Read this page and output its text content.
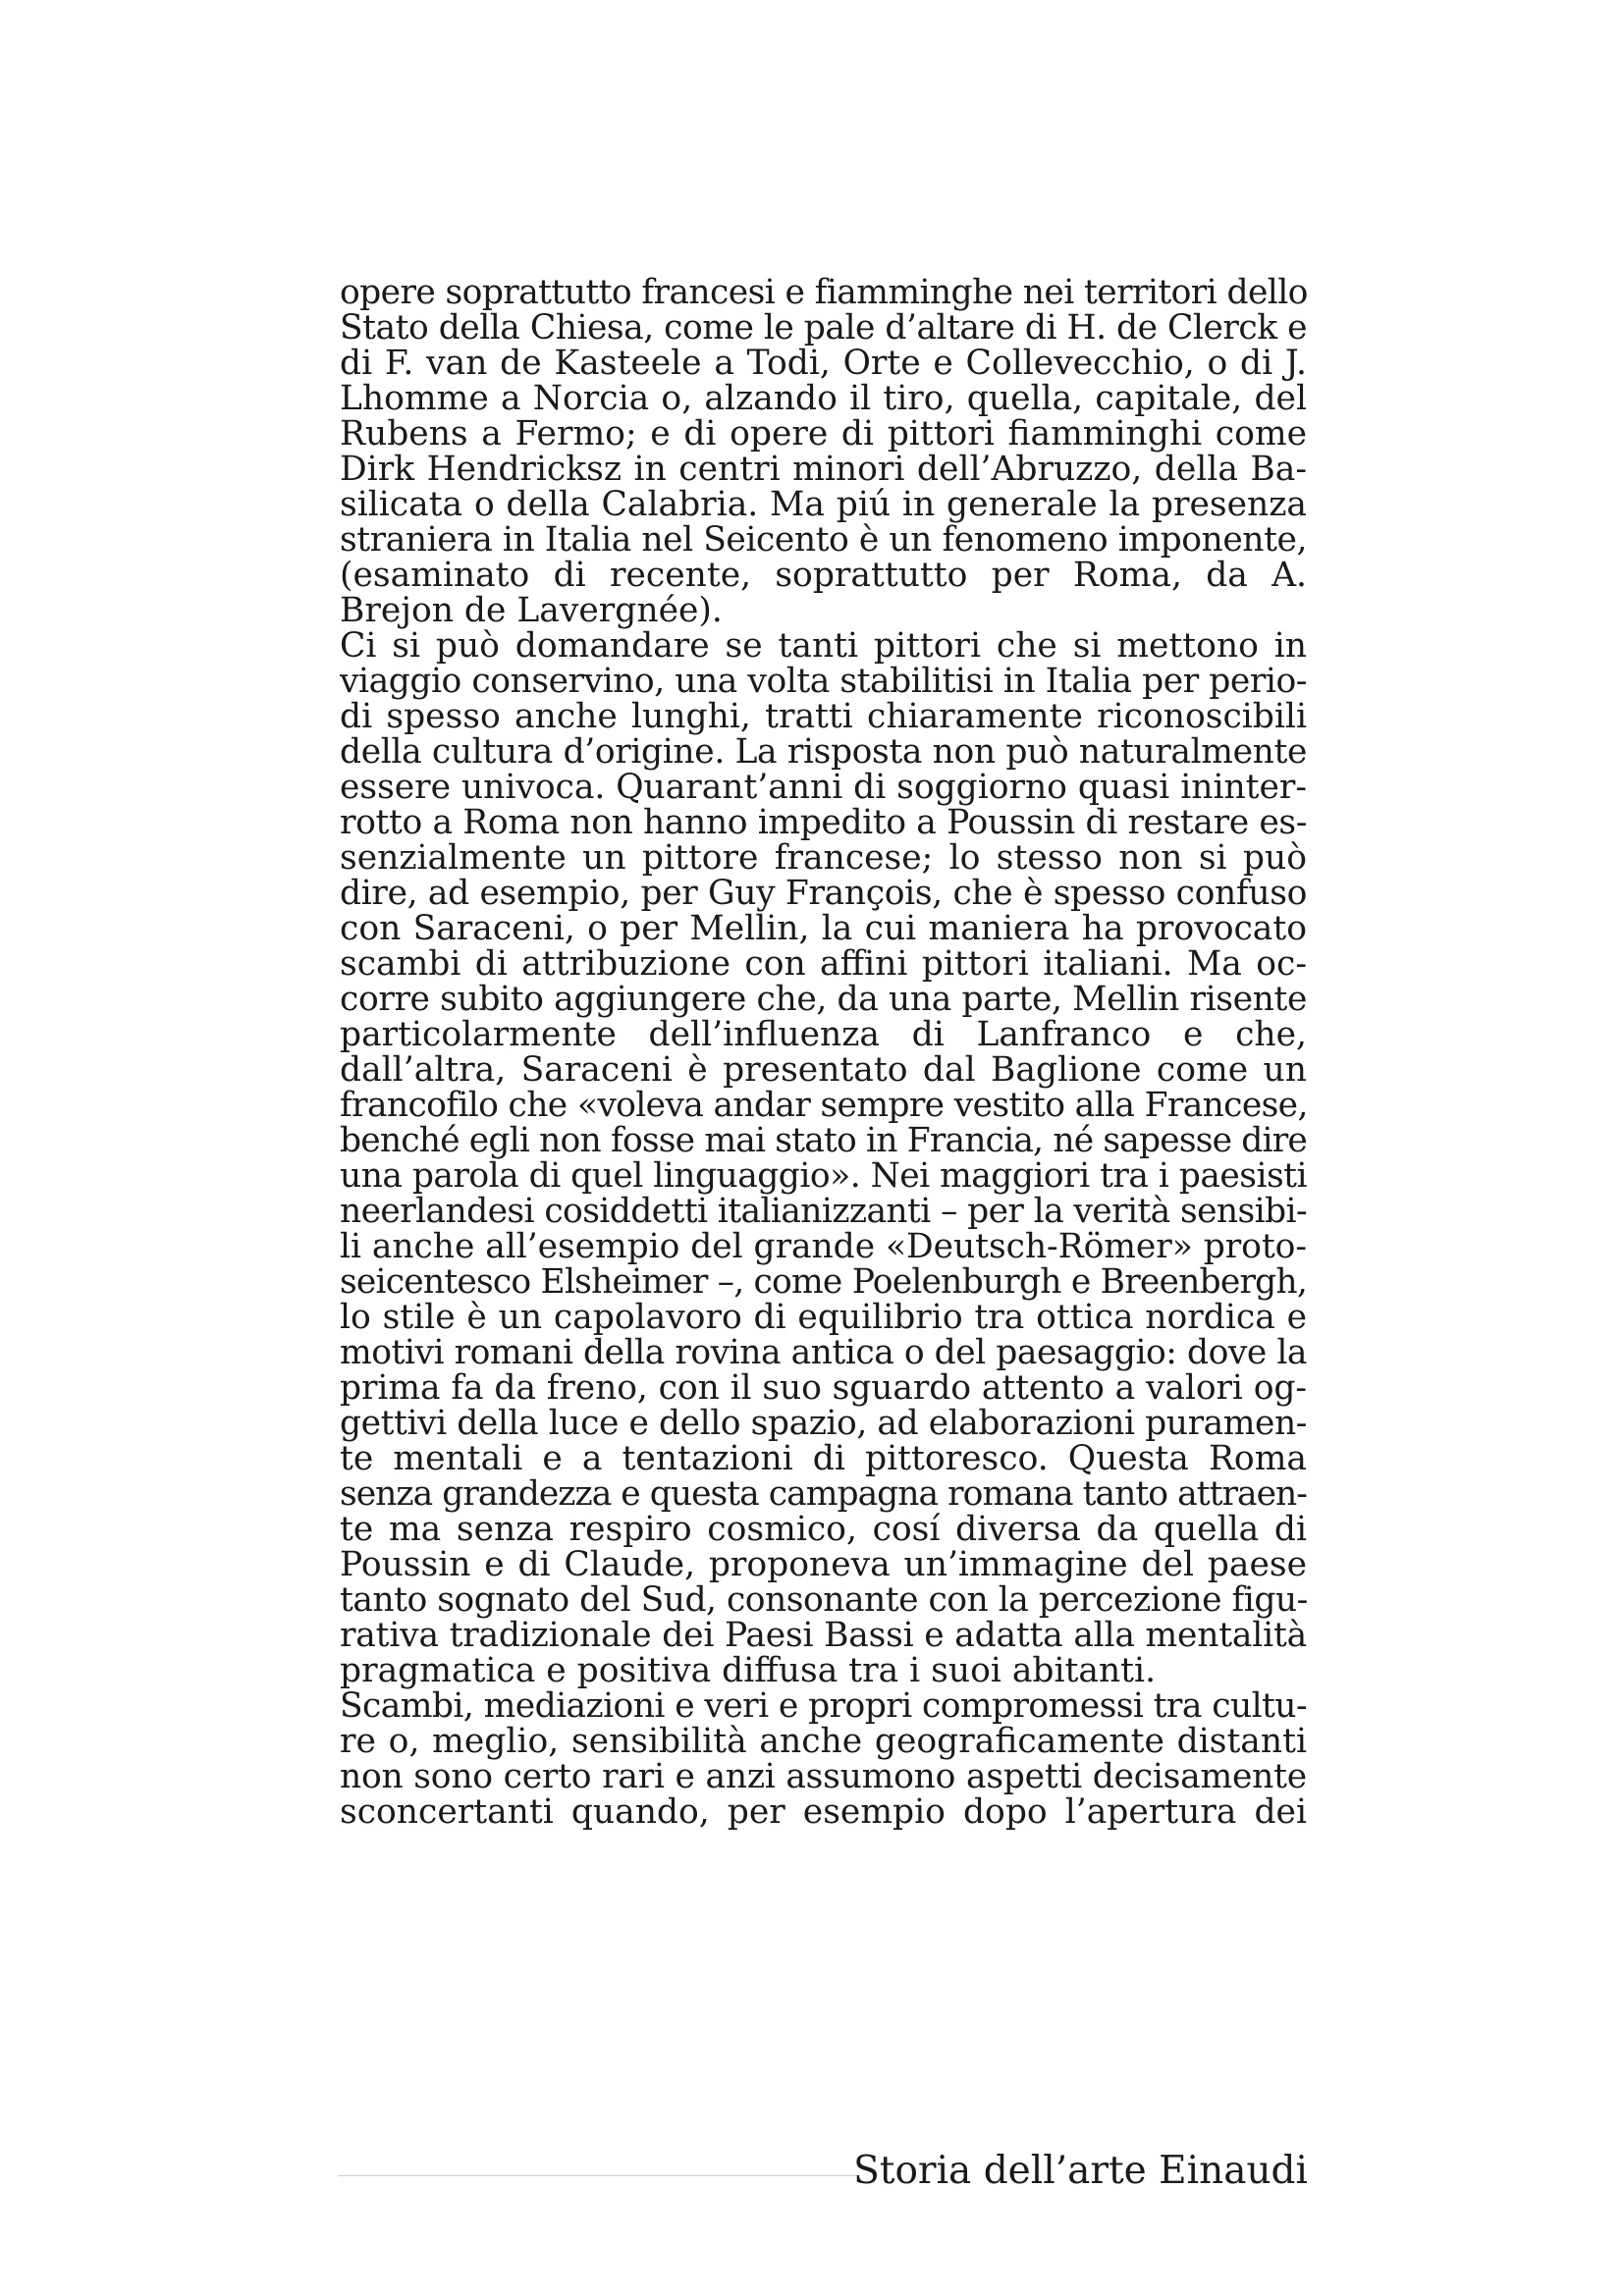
opere soprattutto francesi e fiamminghe nei territori dello
Stato della Chiesa, come le pale d’altare di H. de Clerck e
di F. van de Kasteele a Todi, Orte e Collevecchio, o di J.
Lhomme a Norcia o, alzando il tiro, quella, capitale, del
Rubens a Fermo; e di opere di pittori fiamminghi come
Dirk Hendricksz in centri minori dell’Abruzzo, della Ba-
silicata o della Calabria. Ma piú in generale la presenza
straniera in Italia nel Seicento è un fenomeno imponente,
(esaminato di recente, soprattutto per Roma, da A.
Brejon de Lavergnée).
Ci si può domandare se tanti pittori che si mettono in
viaggio conservino, una volta stabilitisi in Italia per perio-
di spesso anche lunghi, tratti chiaramente riconoscibili
della cultura d’origine. La risposta non può naturalmente
essere univoca. Quarant’anni di soggiorno quasi ininter-
rotto a Roma non hanno impedito a Poussin di restare es-
senzialmente un pittore francese; lo stesso non si può
dire, ad esempio, per Guy François, che è spesso confuso
con Saraceni, o per Mellin, la cui maniera ha provocato
scambi di attribuzione con affini pittori italiani. Ma oc-
corre subito aggiungere che, da una parte, Mellin risente
particolarmente dell’influenza di Lanfranco e che,
dall’altra, Saraceni è presentato dal Baglione come un
francofilo che «voleva andar sempre vestito alla Francese,
benché egli non fosse mai stato in Francia, né sapesse dire
una parola di quel linguaggio». Nei maggiori tra i paesisti
neerlandesi cosiddetti italianizzanti – per la verità sensibi-
li anche all’esempio del grande «Deutsch-Römer» proto-
seicentesco Elsheimer –, come Poelenburgh e Breenbergh,
lo stile è un capolavoro di equilibrio tra ottica nordica e
motivi romani della rovina antica o del paesaggio: dove la
prima fa da freno, con il suo sguardo attento a valori og-
gettivi della luce e dello spazio, ad elaborazioni puramen-
te mentali e a tentazioni di pittoresco. Questa Roma
senza grandezza e questa campagna romana tanto attraen-
te ma senza respiro cosmico, cosí diversa da quella di
Poussin e di Claude, proponeva un’immagine del paese
tanto sognato del Sud, consonante con la percezione figu-
rativa tradizionale dei Paesi Bassi e adatta alla mentalità
pragmatica e positiva diffusa tra i suoi abitanti.
Scambi, mediazioni e veri e propri compromessi tra cultu-
re o, meglio, sensibilità anche geograficamente distanti
non sono certo rari e anzi assumono aspetti decisamente
sconcertanti quando, per esempio dopo l’apertura dei
Storia dell’arte Einaudi
